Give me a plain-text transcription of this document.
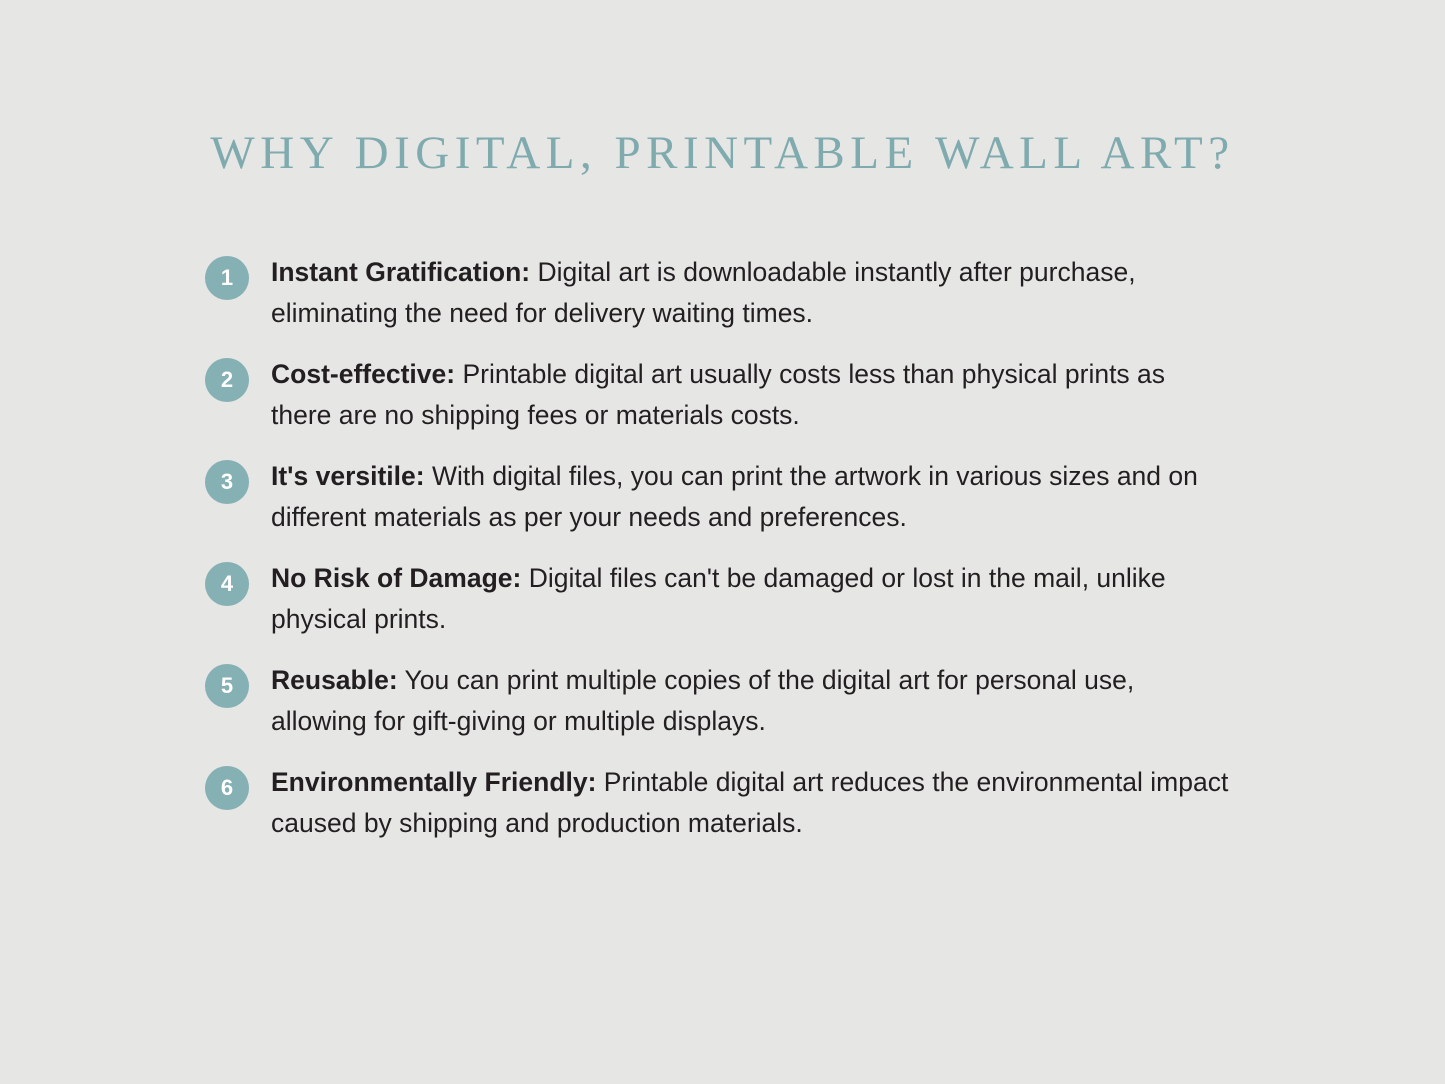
WHY DIGITAL, PRINTABLE WALL ART?
1	Instant Gratification: Digital art is downloadable instantly after purchase, eliminating the need for delivery waiting times.
2	Cost-effective: Printable digital art usually costs less than physical prints as there are no shipping fees or materials costs.
3	It's versitile: With digital files, you can print the artwork in various sizes and on different materials as per your needs and preferences.
4	No Risk of Damage: Digital files can't be damaged or lost in the mail, unlike physical prints.
5	Reusable: You can print multiple copies of the digital art for personal use, allowing for gift-giving or multiple displays.
6	Environmentally Friendly: Printable digital art reduces the environmental impact caused by shipping and production materials.
